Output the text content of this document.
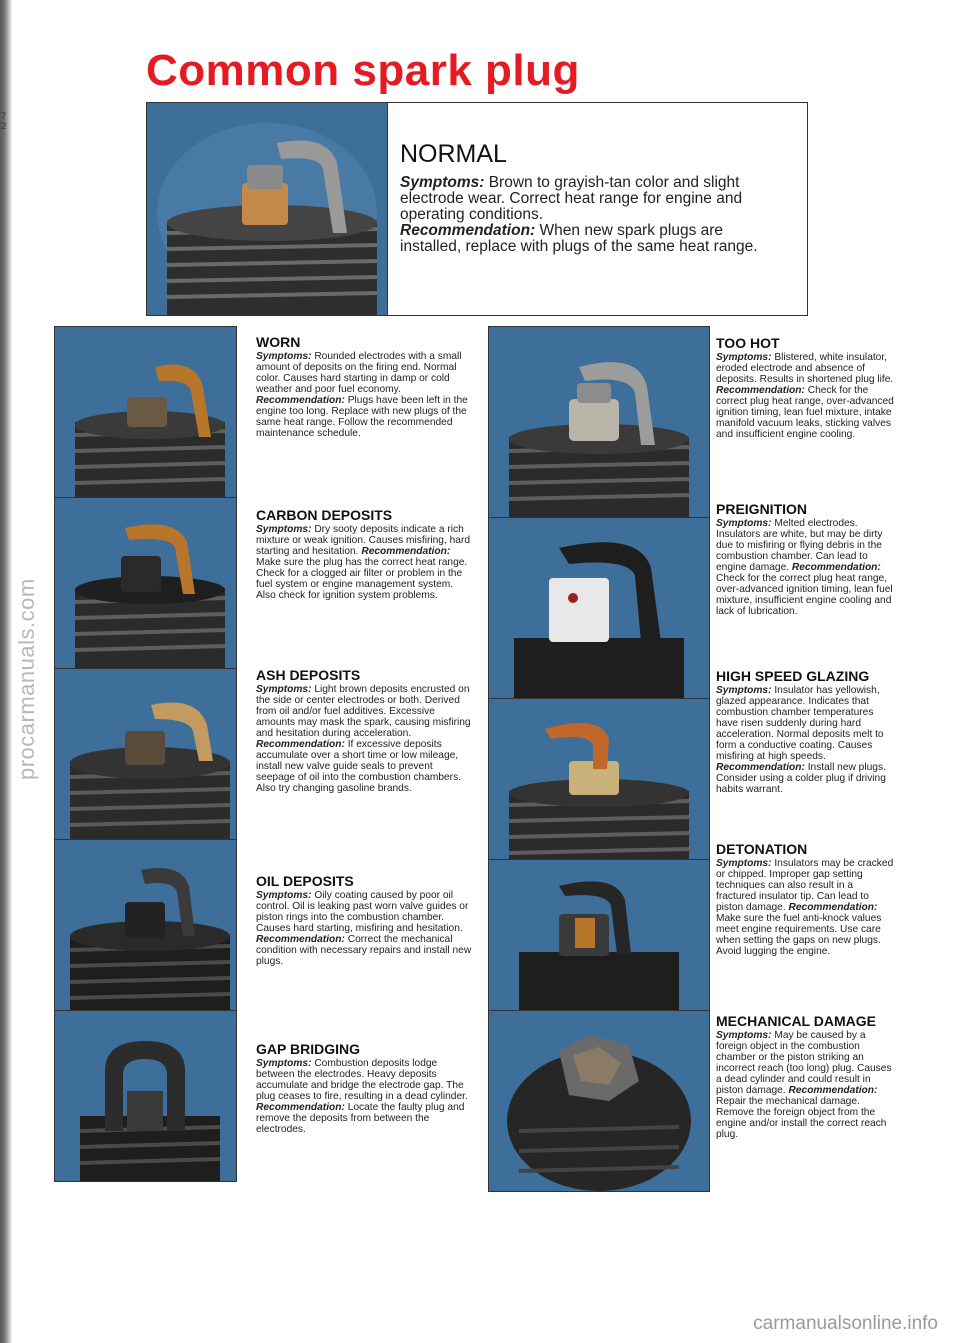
7
2
procarmanuals.com
carmanualsonline.info
Common spark plug
NORMAL

Symptoms: Brown to grayish-tan color and slight electrode wear. Correct heat range for engine and operating conditions.
Recommendation: When new spark plugs are installed, replace with plugs of the same heat range.

WORN

Symptoms: Rounded electrodes with a small amount of deposits on the firing end. Normal color. Causes hard starting in damp or cold weather and poor fuel economy. Recommendation: Plugs have been left in the engine too long. Replace with new plugs of the same heat range. Follow the recommended maintenance schedule.

CARBON DEPOSITS

Symptoms: Dry sooty deposits indicate a rich mixture or weak ignition. Causes misfiring, hard starting and hesitation. Recommendation: Make sure the plug has the correct heat range. Check for a clogged air filter or problem in the fuel system or engine management system. Also check for ignition system problems.

ASH DEPOSITS

Symptoms: Light brown deposits encrusted on the side or center electrodes or both. Derived from oil and/or fuel additives. Excessive amounts may mask the spark, causing misfiring and hesitation during acceleration. Recommendation: If excessive deposits accumulate over a short time or low mileage, install new valve guide seals to prevent seepage of oil into the combustion chambers. Also try changing gasoline brands.

OIL DEPOSITS

Symptoms: Oily coating caused by poor oil control. Oil is leaking past worn valve guides or piston rings into the combustion chamber. Causes hard starting, misfiring and hesitation. Recommendation: Correct the mechanical condition with necessary repairs and install new plugs.

GAP BRIDGING

Symptoms: Combustion deposits lodge between the electrodes. Heavy deposits accumulate and bridge the electrode gap. The plug ceases to fire, resulting in a dead cylinder. Recommendation: Locate the faulty plug and remove the deposits from between the electrodes.

TOO HOT

Symptoms: Blistered, white insulator, eroded electrode and absence of deposits. Results in shortened plug life. Recommendation: Check for the correct plug heat range, over-advanced ignition timing, lean fuel mixture, intake manifold vacuum leaks, sticking valves and insufficient engine cooling.

PREIGNITION

Symptoms: Melted electrodes. Insulators are white, but may be dirty due to misfiring or flying debris in the combustion chamber. Can lead to engine damage. Recommendation: Check for the correct plug heat range, over-advanced ignition timing, lean fuel mixture, insufficient engine cooling and lack of lubrication.

HIGH SPEED GLAZING

Symptoms: Insulator has yellowish, glazed appearance. Indicates that combustion chamber temperatures have risen suddenly during hard acceleration. Normal deposits melt to form a conductive coating. Causes misfiring at high speeds. Recommendation: Install new plugs. Consider using a colder plug if driving habits warrant.

DETONATION

Symptoms: Insulators may be cracked or chipped. Improper gap setting techniques can also result in a fractured insulator tip. Can lead to piston damage. Recommendation: Make sure the fuel anti-knock values meet engine requirements. Use care when setting the gaps on new plugs. Avoid lugging the engine.

MECHANICAL DAMAGE

Symptoms: May be caused by a foreign object in the combustion chamber or the piston striking an incorrect reach (too long) plug. Causes a dead cylinder and could result in piston damage. Recommendation: Repair the mechanical damage. Remove the foreign object from the engine and/or install the correct reach plug.
